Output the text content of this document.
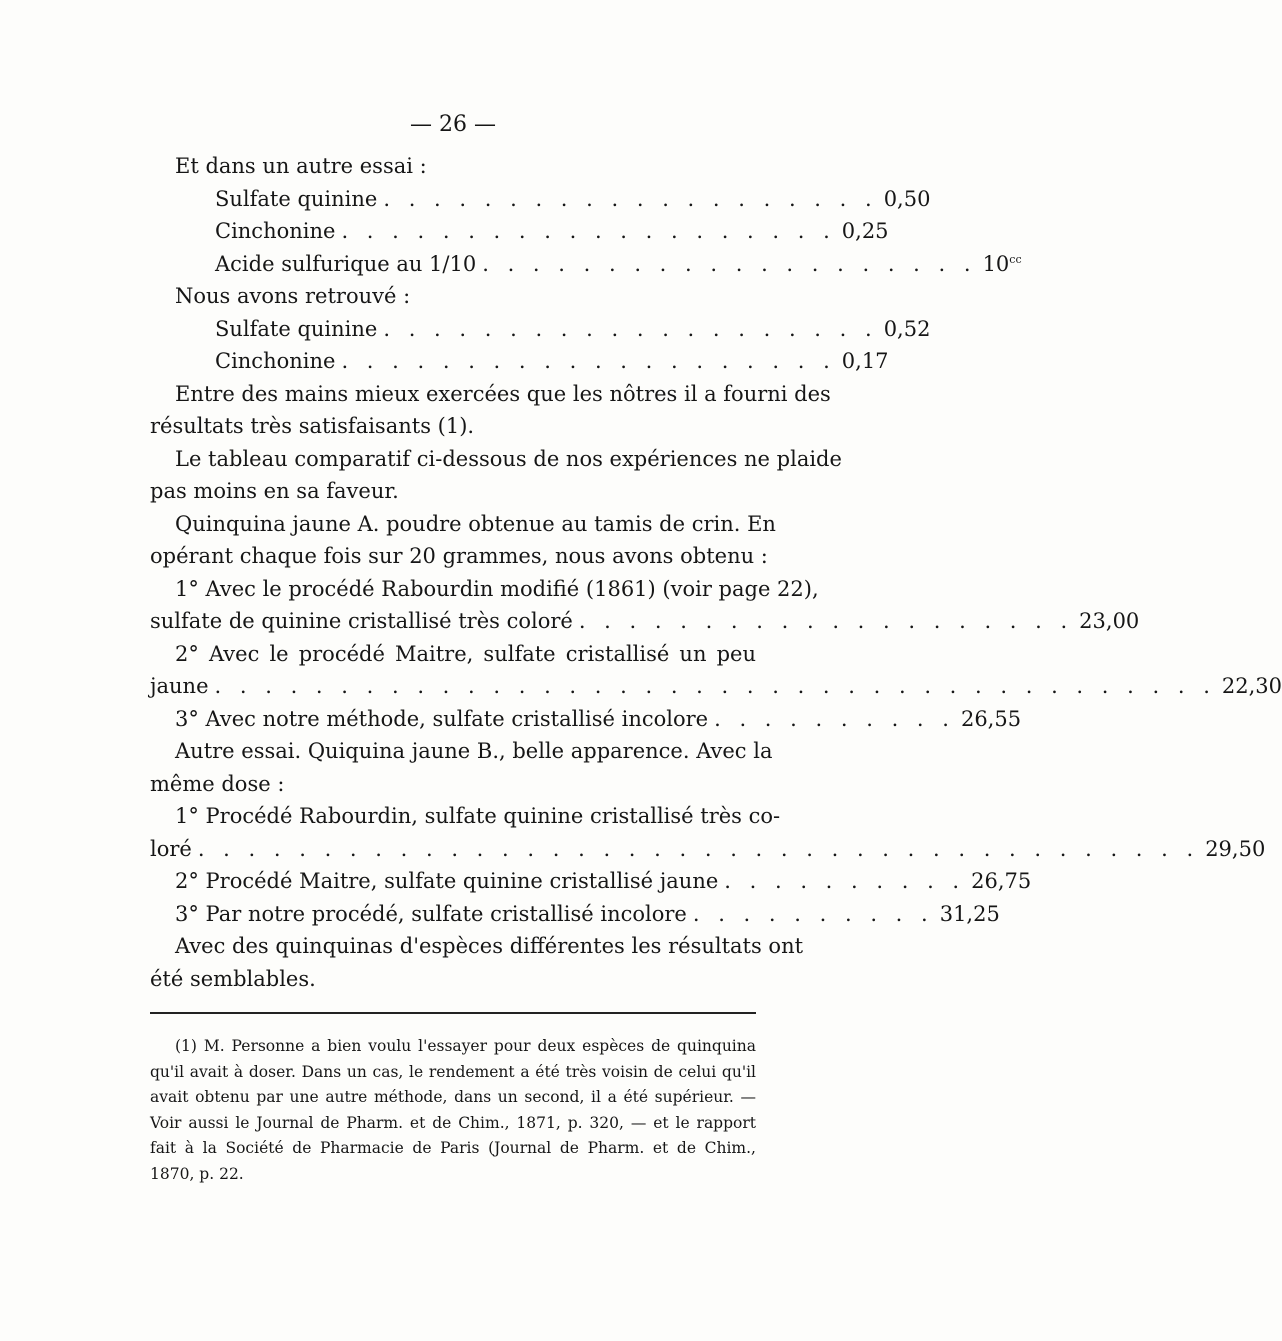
— 26 —
Et dans un autre essai :
Sulfate quinine . . . . . . . . . . . . . . . . . . . . 0,50
Cinchonine . . . . . . . . . . . . . . . . . . . . 0,25
Acide sulfurique au 1/10 . . . . . . . . . . . . . . . . . . . . $10^{cc}$
Nous avons retrouvé :
Sulfate quinine . . . . . . . . . . . . . . . . . . . . 0,52
Cinchonine . . . . . . . . . . . . . . . . . . . . 0,17
Entre des mains mieux exercées que les nôtres il a fourni des
résultats très satisfaisants (1).
Le tableau comparatif ci-dessous de nos expériences ne plaide
pas moins en sa faveur.
Quinquina jaune A. poudre obtenue au tamis de crin. En
opérant chaque fois sur 20 grammes, nous avons obtenu :
1° Avec le procédé Rabourdin modifié (1861) (voir page 22),
sulfate de quinine cristallisé très coloré . . . . . . . . . . . . . . . . . . . . 23,00
2° Avec le procédé Maitre, sulfate cristallisé un peu
jaune . . . . . . . . . . . . . . . . . . . . . . . . . . . . . . . . . . . . . . . . 22,30
3° Avec notre méthode, sulfate cristallisé incolore . . . . . . . . . . 26,55
Autre essai. Quiquina jaune B., belle apparence. Avec la
même dose :
1° Procédé Rabourdin, sulfate quinine cristallisé très co-
loré . . . . . . . . . . . . . . . . . . . . . . . . . . . . . . . . . . . . . . . . 29,50
2° Procédé Maitre, sulfate quinine cristallisé jaune . . . . . . . . . . 26,75
3° Par notre procédé, sulfate cristallisé incolore . . . . . . . . . . 31,25
Avec des quinquinas d'espèces différentes les résultats ont
été semblables.
(1) M. Personne a bien voulu l'essayer pour deux espèces de quinquina
qu'il avait à doser. Dans un cas, le rendement a été très voisin de celui qu'il
avait obtenu par une autre méthode, dans un second, il a été supérieur. —
Voir aussi le Journal de Pharm. et de Chim., 1871, p. 320, — et le rapport
fait à la Société de Pharmacie de Paris (Journal de Pharm. et de Chim.,
1870, p. 22.
